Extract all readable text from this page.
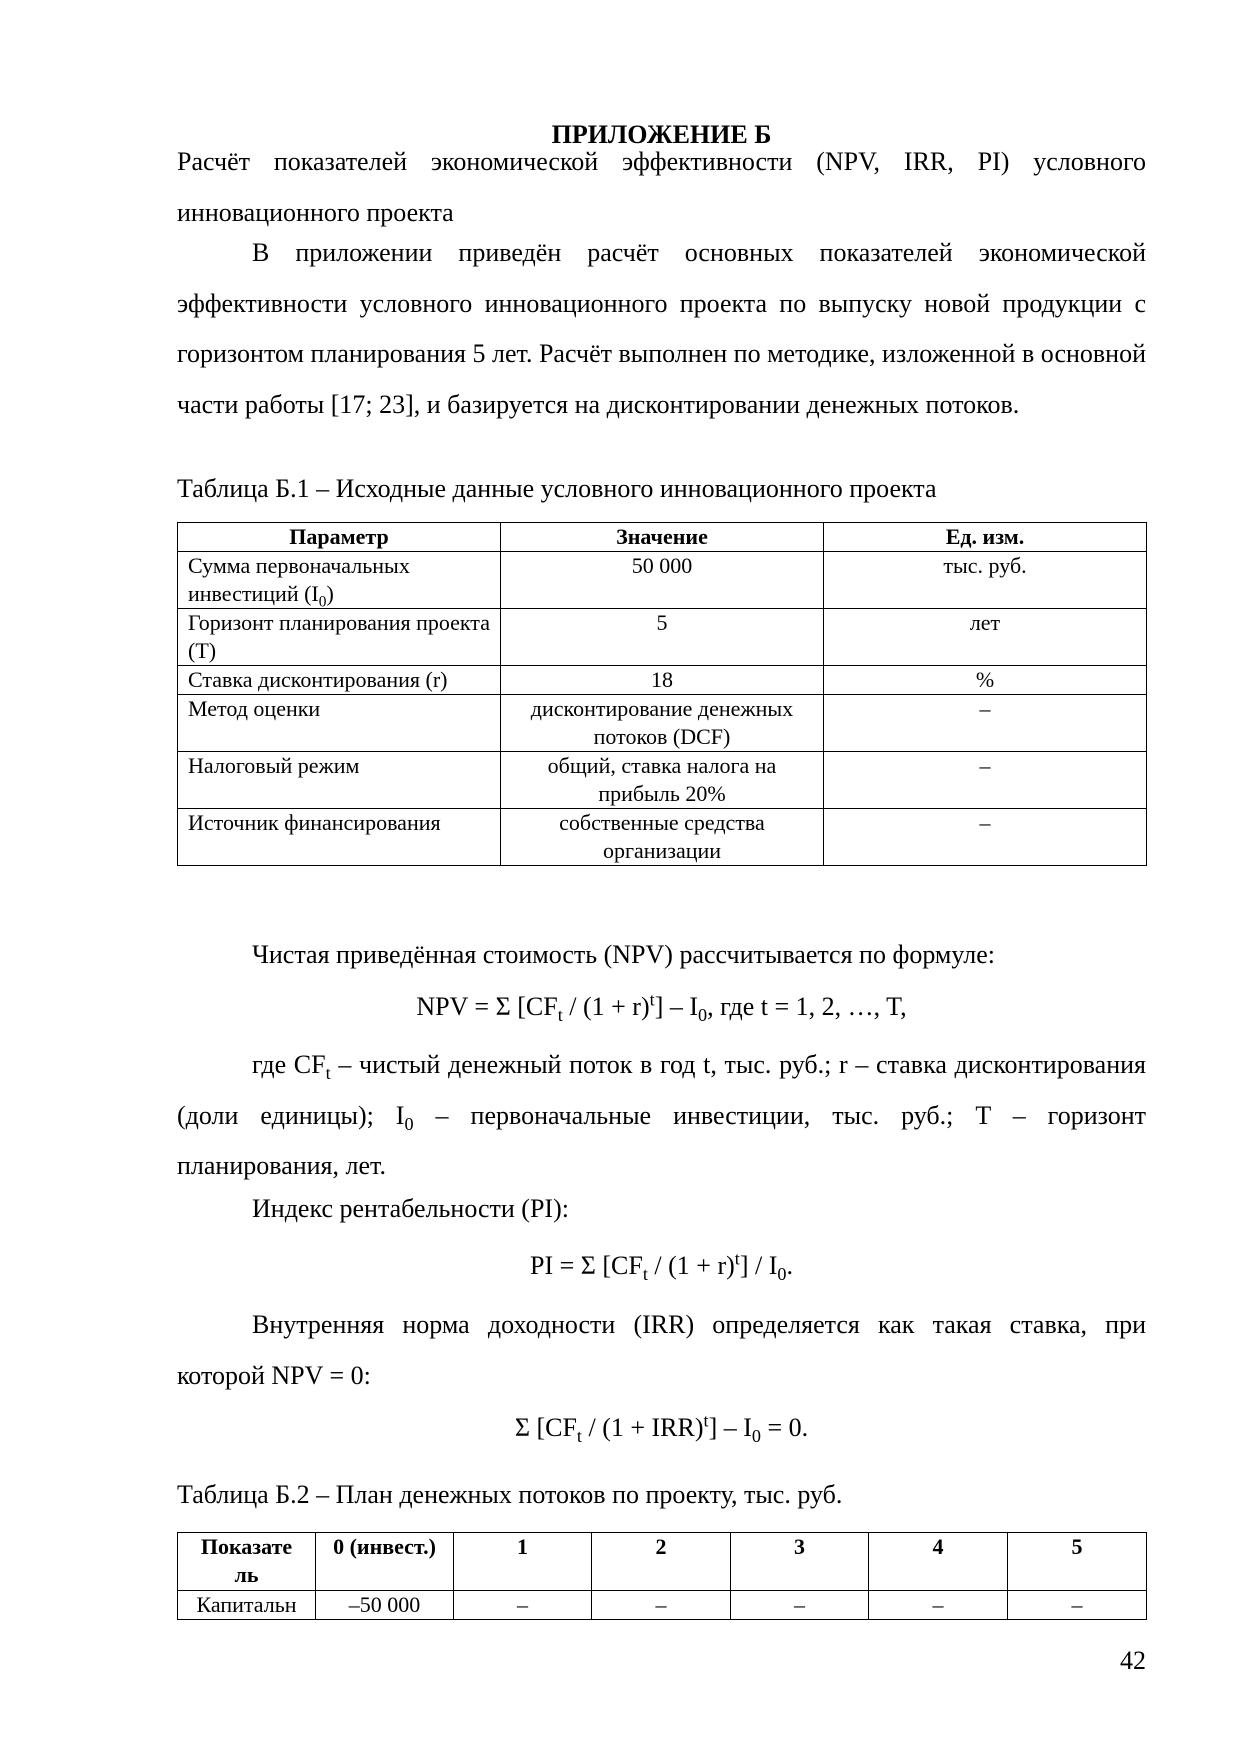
ПРИЛОЖЕНИЕ Б
Расчёт показателей экономической эффективности (NPV, IRR, PI) условного инновационного проекта
В приложении приведён расчёт основных показателей экономической эффективности условного инновационного проекта по выпуску новой продукции с горизонтом планирования 5 лет. Расчёт выполнен по методике, изложенной в основной части работы [17; 23], и базируется на дисконтировании денежных потоков.
Таблица Б.1 – Исходные данные условного инновационного проекта
Параметр	Значение	Ед. изм.
Сумма первоначальных инвестиций $(I_0)$	50 000	тыс. руб.
Горизонт планирования проекта (T)	5	лет
Ставка дисконтирования (r)	18	%
Метод оценки	дисконтирование денежных потоков (DCF)	–
Налоговый режим	общий, ставка налога на прибыль 20%	–
Источник финансирования	собственные средства организации	–
Чистая приведённая стоимость (NPV) рассчитывается по формуле:
NPV = Σ $[CF_t / (1 + r)^t] - I_0$, где t = 1, 2, …, T,
где $CF_t$ – чистый денежный поток в год t, тыс. руб.; r – ставка дисконтирования (доли единицы); $I_0$ – первоначальные инвестиции, тыс. руб.; T – горизонт планирования, лет.
Индекс рентабельности (PI):
PI = Σ $[CF_t / (1 + r)^t] / I_0$.
Внутренняя норма доходности (IRR) определяется как такая ставка, при которой NPV = 0:
Σ $[CF_t / (1 + IRR)^t] - I_0 = 0$.
Таблица Б.2 – План денежных потоков по проекту, тыс. руб.
Показате ль	0 (инвест.)	1	2	3	4	5
Капитальн	–50 000	–	–	–	–	–
42
